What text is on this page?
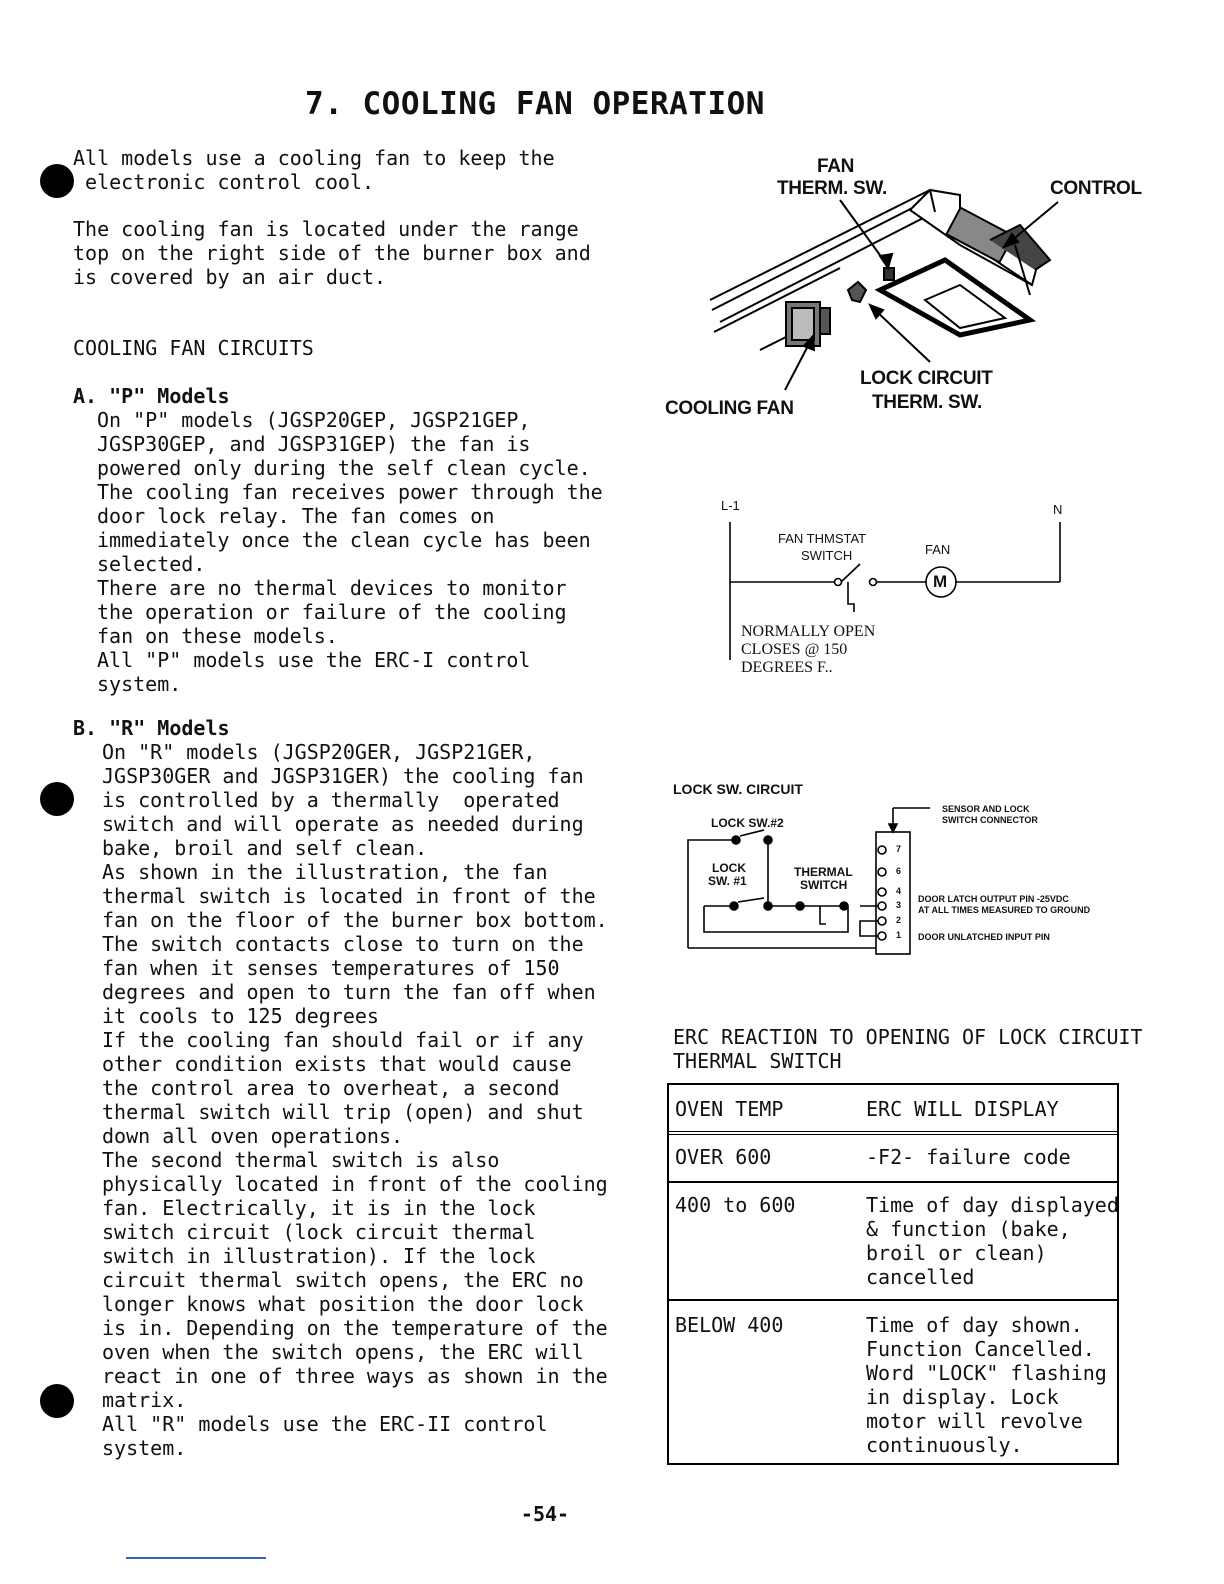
7. COOLING FAN OPERATION
All models use a cooling fan to keep the
electronic control cool.
The cooling fan is located under the range
top on the right side of the burner box and
is covered by an air duct.
COOLING FAN CIRCUITS
A. "P" Models
On "P" models (JGSP20GEP, JGSP21GEP,
JGSP30GEP, and JGSP31GEP) the fan is
powered only during the self clean cycle.
The cooling fan receives power through the
door lock relay. The fan comes on
immediately once the clean cycle has been
selected.
There are no thermal devices to monitor
the operation or failure of the cooling
fan on these models.
All "P" models use the ERC-I control
system.
B. "R" Models
On "R" models (JGSP20GER, JGSP21GER,
JGSP30GER and JGSP31GER) the cooling fan
is controlled by a thermally  operated
switch and will operate as needed during
bake, broil and self clean.
As shown in the illustration, the fan
thermal switch is located in front of the
fan on the floor of the burner box bottom.
The switch contacts close to turn on the
fan when it senses temperatures of 150
degrees and open to turn the fan off when
it cools to 125 degrees
If the cooling fan should fail or if any
other condition exists that would cause
the control area to overheat, a second
thermal switch will trip (open) and shut
down all oven operations.
The second thermal switch is also
physically located in front of the cooling
fan. Electrically, it is in the lock
switch circuit (lock circuit thermal
switch in illustration). If the lock
circuit thermal switch opens, the ERC no
longer knows what position the door lock
is in. Depending on the temperature of the
oven when the switch opens, the ERC will
react in one of three ways as shown in the
matrix.
All "R" models use the ERC-II control
system.
FAN
THERM. SW.	CONTROL
LOCK CIRCUIT
THERM. SW.
COOLING FAN
L-1	N
FAN THMSTAT
SWITCH	FAN
M
NORMALLY OPEN
CLOSES @ 150
DEGREES F..
LOCK SW. CIRCUIT
LOCK SW.#2
LOCK
SW. #1
THERMAL
SWITCH
SENSOR AND LOCK
SWITCH CONNECTOR
7
6
4
3
2
1
DOOR LATCH OUTPUT PIN -25VDC
AT ALL TIMES MEASURED TO GROUND
DOOR UNLATCHED INPUT PIN
ERC REACTION TO OPENING OF LOCK CIRCUIT
THERMAL SWITCH
OVEN TEMP	ERC WILL DISPLAY
OVER 600	-F2- failure code
400 to 600	Time of day displayed
& function (bake,
broil or clean)
cancelled
BELOW 400	Time of day shown.
Function Cancelled.
Word "LOCK" flashing
in display. Lock
motor will revolve
continuously.
-54-
